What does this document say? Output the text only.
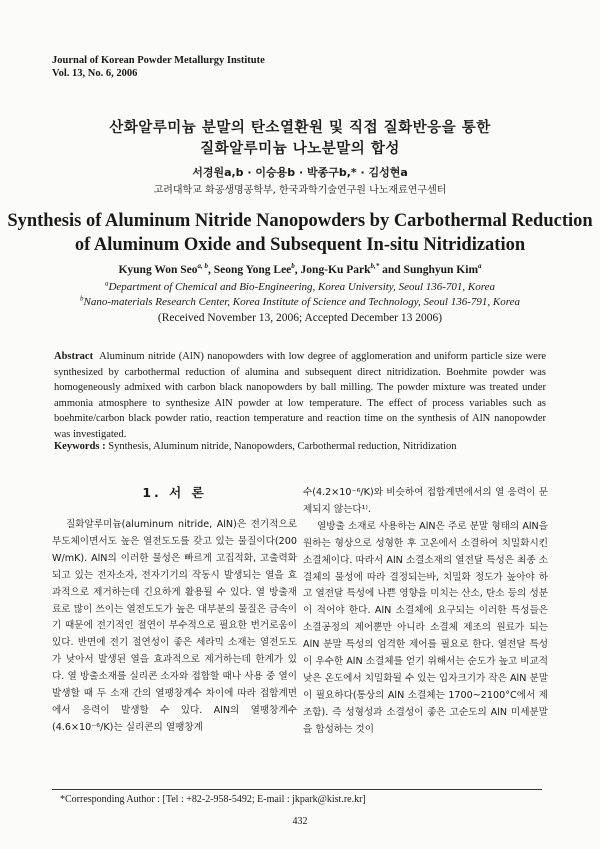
Journal of Korean Powder Metallurgy Institute
Vol. 13, No. 6, 2006
산화알루미늄 분말의 탄소열환원 및 직접 질화반응을 통한
질화알루미늄 나노분말의 합성
서경원a,b · 이승용b · 박종구b,* · 김성현a
고려대학교 화공생명공학부, 한국과학기술연구원 나노재료연구센터
Synthesis of Aluminum Nitride Nanopowders by Carbothermal Reduction
of Aluminum Oxide and Subsequent In-situ Nitridization
Kyung Won Seo$^{a, b}$, Seong Yong Lee$^b$, Jong-Ku Park$^{b,*}$ and Sunghyun Kim$^a$
$^a$Department of Chemical and Bio-Engineering, Korea University, Seoul 136-701, Korea
$^b$Nano-materials Research Center, Korea Institute of Science and Technology, Seoul 136-791, Korea
(Received November 13, 2006; Accepted December 13 2006)
Abstract Aluminum nitride (AlN) nanopowders with low degree of agglomeration and uniform particle size were synthesized by carbothermal reduction of alumina and subsequent direct nitridization. Boehmite powder was homogeneously admixed with carbon black nanopowders by ball milling. The powder mixture was treated under ammonia atmosphere to synthesize AlN powder at low temperature. The effect of process variables such as boehmite/carbon black powder ratio, reaction temperature and reaction time on the synthesis of AlN nanopowder was investigated.
Keywords : Synthesis, Aluminum nitride, Nanopowders, Carbothermal reduction, Nitridization
1. 서 론

질화알루미늄(aluminum nitride, AlN)은 전기적으로 부도체이면서도 높은 열전도도를 갖고 있는 물질이다(200 W/mK). AlN의 이러한 물성은 빠르게 고집적화, 고출력화되고 있는 전자소자, 전자기기의 작동시 발생되는 열을 효과적으로 제거하는데 긴요하게 활용될 수 있다. 열 방출재료로 많이 쓰이는 열전도도가 높은 대부분의 물질은 금속이기 때문에 전기적인 절연이 부수적으로 필요한 번거로움이 있다. 반면에 전기 절연성이 좋은 세라믹 소재는 열전도도가 낮아서 발생된 열을 효과적으로 제거하는데 한계가 있다. 열 방출소재를 실리콘 소자와 접합할 때나 사용 중 열이 발생할 때 두 소재 간의 열팽창계수 차이에 따라 접합계면에서 응력이 발생할 수 있다. AlN의 열팽창계수(4.6×10⁻⁶/K)는 실리콘의 열팽창계

수(4.2×10⁻⁶/K)와 비슷하여 접합계면에서의 열 응력이 문제되지 않는다¹⁾.

열방출 소재로 사용하는 AlN은 주로 분말 형태의 AlN을 원하는 형상으로 성형한 후 고온에서 소결하여 치밀화시킨 소결체이다. 따라서 AlN 소결소재의 열전달 특성은 최종 소결체의 물성에 따라 결정되는바, 치밀화 정도가 높아야 하고 열전달 특성에 나쁜 영향을 미치는 산소, 탄소 등의 성분이 적어야 한다. AlN 소결체에 요구되는 이러한 특성들은 소결공정의 제어뿐만 아니라 소결체 제조의 원료가 되는 AlN 분말 특성의 엄격한 제어를 필요로 한다. 열전달 특성이 우수한 AlN 소결체를 얻기 위해서는 순도가 높고 비교적 낮은 온도에서 치밀화될 수 있는 입자크기가 작은 AlN 분말이 필요하다(통상의 AlN 소결체는 1700~2100°C에서 제조함). 즉 성형성과 소결성이 좋은 고순도의 AlN 미세분말을 합성하는 것이

*Corresponding Author : [Tel : +82-2-958-5492; E-mail : jkpark@kist.re.kr]
432
